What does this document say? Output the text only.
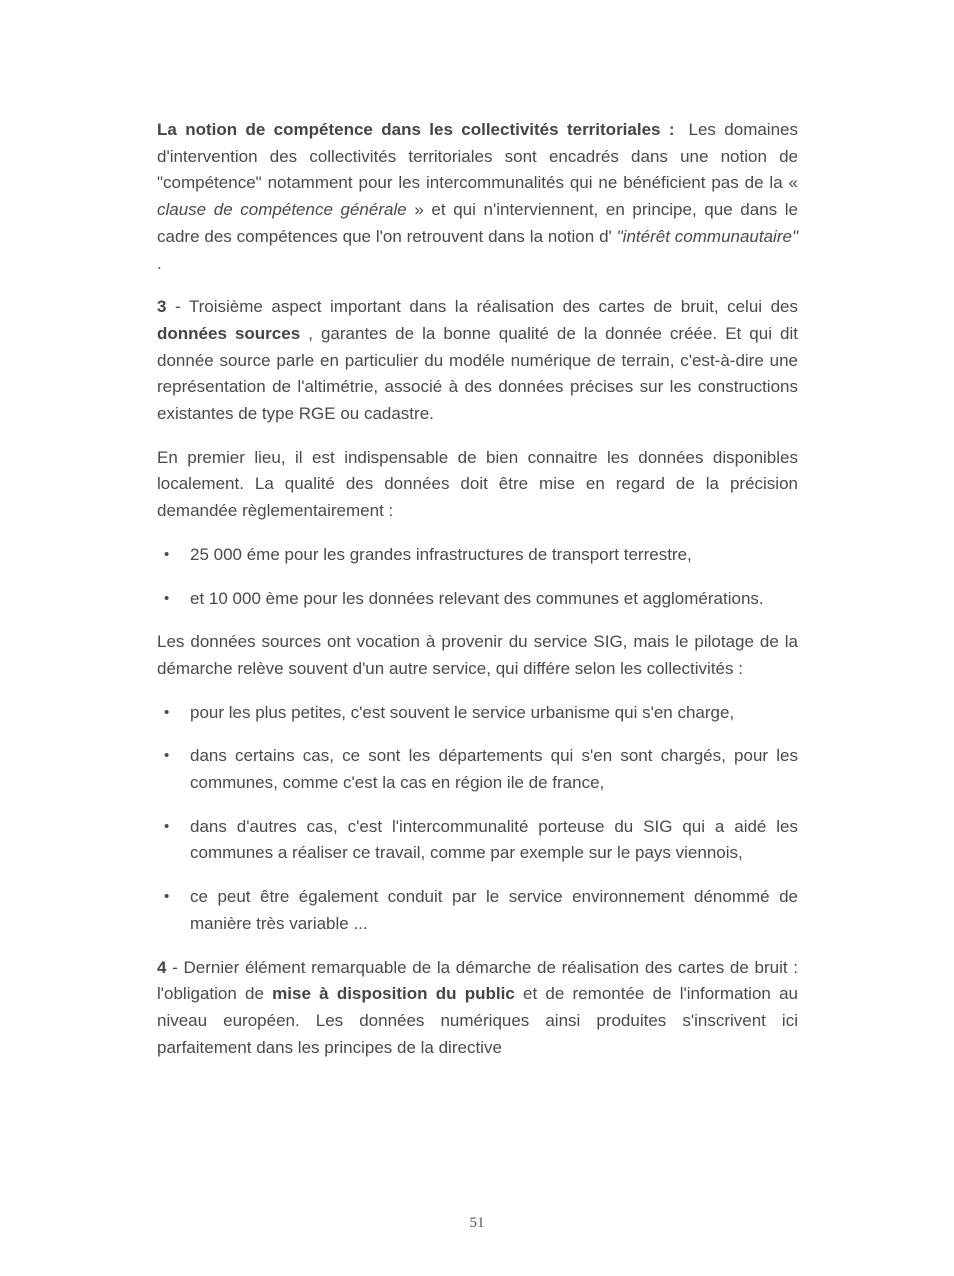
La notion de compétence dans les collectivités territoriales : Les domaines d'intervention des collectivités territoriales sont encadrés dans une notion de "compétence" notamment pour les intercommunalités qui ne bénéficient pas de la « clause de compétence générale » et qui n'interviennent, en principe, que dans le cadre des compétences que l'on retrouvent dans la notion d' "intérêt communautaire" .

3 - Troisième aspect important dans la réalisation des cartes de bruit, celui des données sources , garantes de la bonne qualité de la donnée créée. Et qui dit donnée source parle en particulier du modéle numérique de terrain, c'est-à-dire une représentation de l'altimétrie, associé à des données précises sur les constructions existantes de type RGE ou cadastre.

En premier lieu, il est indispensable de bien connaitre les données disponibles localement. La qualité des données doit être mise en regard de la précision demandée règlementairement :

• 25 000 éme pour les grandes infrastructures de transport terrestre,
• et 10 000 ème pour les données relevant des communes et agglomérations.

Les données sources ont vocation à provenir du service SIG, mais le pilotage de la démarche relève souvent d'un autre service, qui différe selon les collectivités :

• pour les plus petites, c'est souvent le service urbanisme qui s'en charge,
• dans certains cas, ce sont les départements qui s'en sont chargés, pour les communes, comme c'est la cas en région ile de france,
• dans d'autres cas, c'est l'intercommunalité porteuse du SIG qui a aidé les communes a réaliser ce travail, comme par exemple sur le pays viennois,
• ce peut être également conduit par le service environnement dénommé de manière très variable ...

4 - Dernier élément remarquable de la démarche de réalisation des cartes de bruit : l'obligation de mise à disposition du public et de remontée de l'information au niveau européen. Les données numériques ainsi produites s'inscrivent ici parfaitement dans les principes de la directive

51
